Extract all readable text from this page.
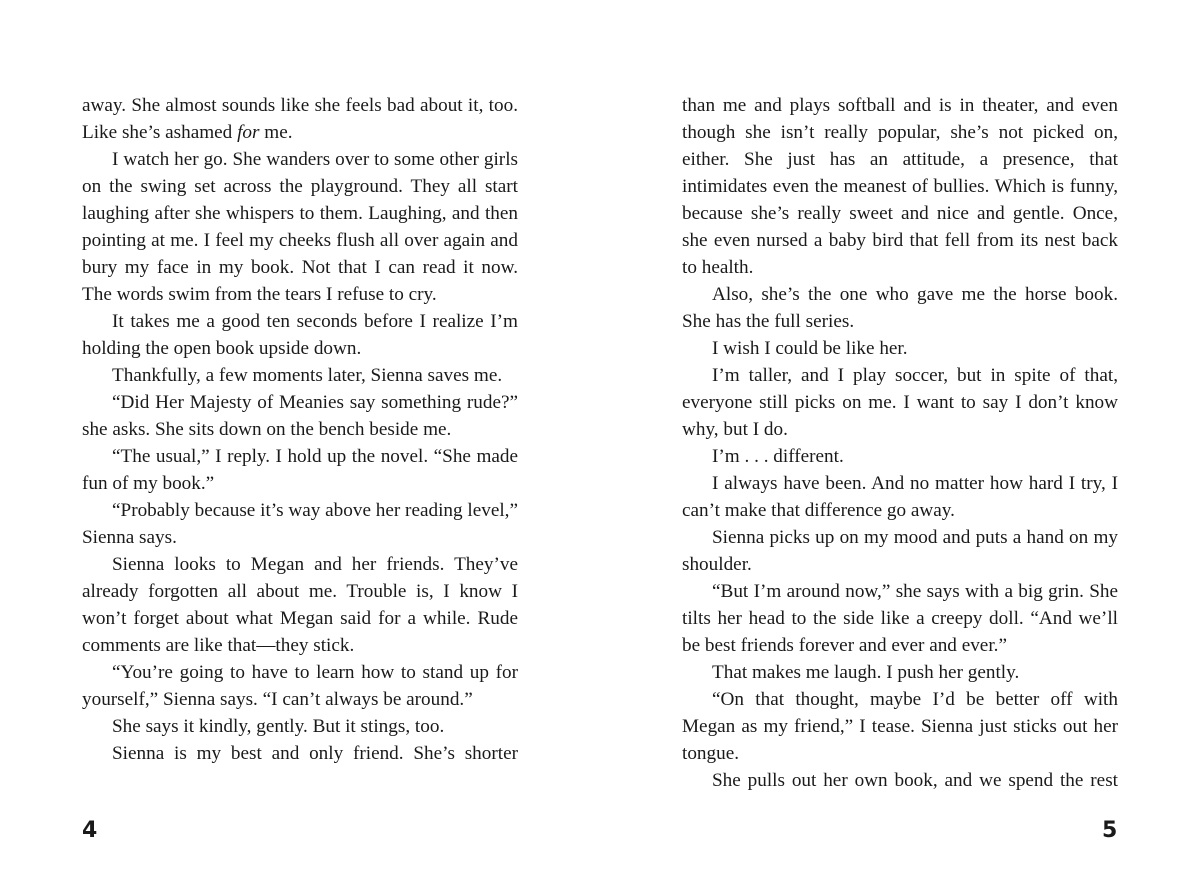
away. She almost sounds like she feels bad about it, too. Like she’s ashamed for me.

I watch her go. She wanders over to some other girls on the swing set across the playground. They all start laughing after she whispers to them. Laughing, and then pointing at me. I feel my cheeks flush all over again and bury my face in my book. Not that I can read it now. The words swim from the tears I refuse to cry.

It takes me a good ten seconds before I realize I’m holding the open book upside down.

Thankfully, a few moments later, Sienna saves me.

“Did Her Majesty of Meanies say something rude?” she asks. She sits down on the bench beside me.

“The usual,” I reply. I hold up the novel. “She made fun of my book.”

“Probably because it’s way above her reading level,” Sienna says.

Sienna looks to Megan and her friends. They’ve already forgotten all about me. Trouble is, I know I won’t forget about what Megan said for a while. Rude comments are like that—they stick.

“You’re going to have to learn how to stand up for yourself,” Sienna says. “I can’t always be around.”

She says it kindly, gently. But it stings, too.

Sienna is my best and only friend. She’s shorter

than me and plays softball and is in theater, and even though she isn’t really popular, she’s not picked on, either. She just has an attitude, a presence, that intimidates even the meanest of bullies. Which is funny, because she’s really sweet and nice and gentle. Once, she even nursed a baby bird that fell from its nest back to health.

Also, she’s the one who gave me the horse book. She has the full series.

I wish I could be like her.

I’m taller, and I play soccer, but in spite of that, everyone still picks on me. I want to say I don’t know why, but I do.

I’m . . . different.

I always have been. And no matter how hard I try, I can’t make that difference go away.

Sienna picks up on my mood and puts a hand on my shoulder.

“But I’m around now,” she says with a big grin. She tilts her head to the side like a creepy doll. “And we’ll be best friends forever and ever and ever.”

That makes me laugh. I push her gently.

“On that thought, maybe I’d be better off with Megan as my friend,” I tease. Sienna just sticks out her tongue.

She pulls out her own book, and we spend the rest

4	5
